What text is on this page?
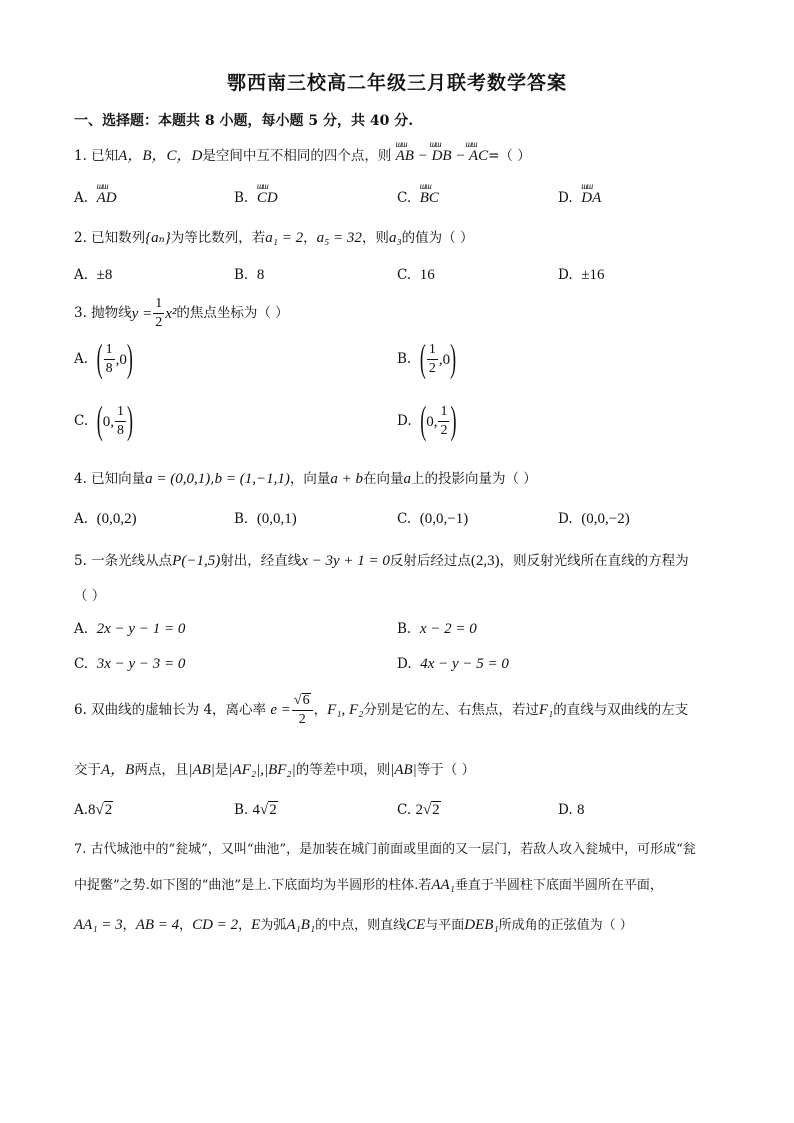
鄂西南三校高二年级三月联考数学答案
一、选择题：本题共 8 小题，每小题 5 分，共 40 分.
1. 已知A，B，C，D是空间中互不相同的四个点，则
ɯɯ	ɯɯ	ɯɯ
AB − DB − AC=（ ）
A.
ɯɯ
AD	B.
ɯɯ
CD	C.
ɯɯ
BC	D.
ɯɯ
DA
2. 已知数列{aₙ}为等比数列，若a₁ = 2，a₅ = 32，则a₃的值为（ ）
A. ±8	B. 8	C. 16	D. ±16
3. 抛物线 $y = \frac{1}{2} x^2$ 的焦点坐标为（ ）
A.
( $\frac{1}{8} ,0$ )	B.
( $\frac{1}{2} ,0$ )
C.
( 0, $\frac{1}{8}$ )	D.
( 0, $\frac{1}{2}$ )
4. 已知向量a = (0,0,1),b = (1,−1,1)，向量a + b在向量a上的投影向量为（ ）
A. (0,0,2)	B. (0,0,1)	C. (0,0,−1)	D. (0,0,−2)
5. 一条光线从点P(−1,5)射出，经直线x − 3y + 1 = 0反射后经过点(2,3)，则反射光线所在直线的方程为
（ ）
A. 2x − y − 1 = 0	B. x − 2 = 0
C. 3x − y − 3 = 0	D. 4x − y − 5 = 0
6. 双曲线的虚轴长为 4，离心率
$e = \frac{√ 6}{2}$ ， F₁, F₂ 分别是它的左、右焦点，若过 F₁ 的直线与双曲线的左支
交于A，B两点，且|AB|是|AF₂|,|BF₂|的等差中项，则|AB|等于（ ）
A.8√2	B. 4√2	C. 2√2	D. 8
7. 古代城池中的“瓮城”，又叫“曲池”，是加装在城门前面或里面的又一层门，若敌人攻入瓮城中，可形成“瓮
中捉鳖”之势.如下图的“曲池”是上.下底面均为半圆形的柱体.若AA₁垂直于半圆柱下底面半圆所在平面，
AA₁ = 3，AB = 4，CD = 2，E为弧A₁B₁的中点，则直线CE与平面DEB₁所成角的正弦值为（ ）
